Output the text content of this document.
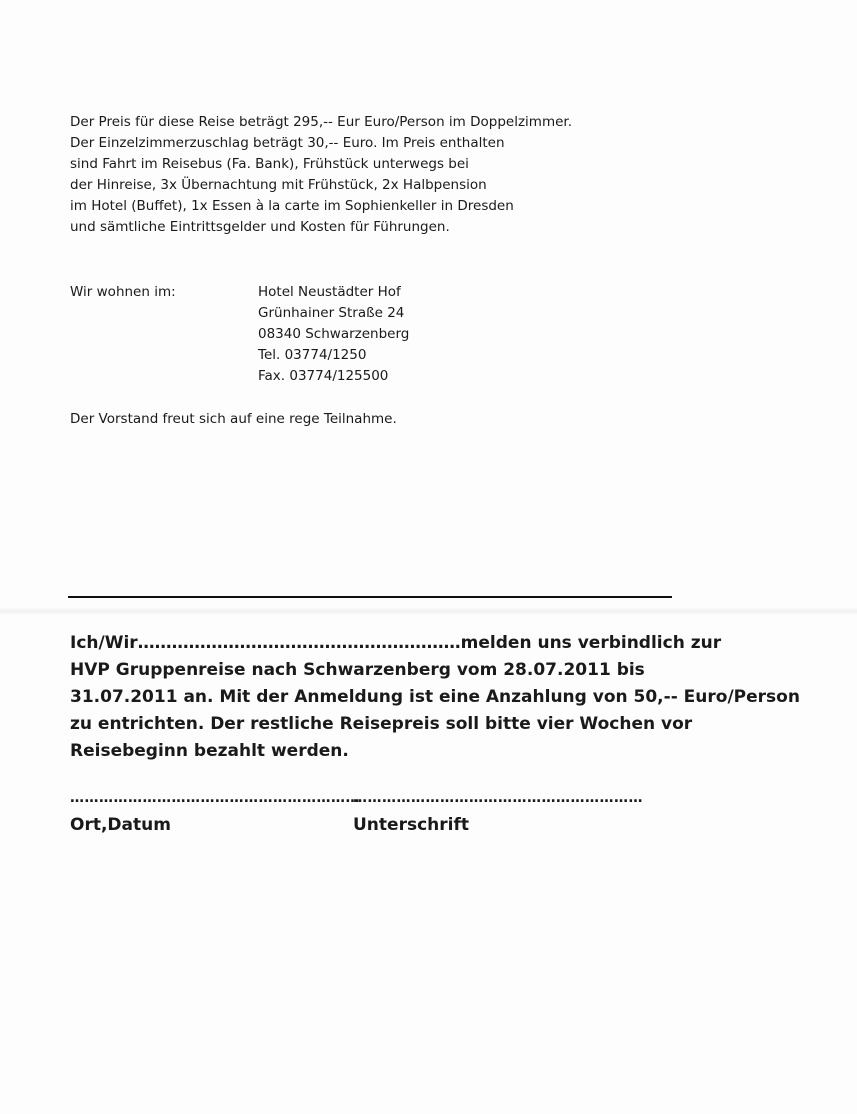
Der Preis für diese Reise beträgt 295,-- Eur Euro/Person im Doppelzimmer.

Der Einzelzimmerzuschlag beträgt 30,-- Euro. Im Preis enthalten

sind Fahrt im Reisebus (Fa. Bank), Frühstück unterwegs bei

der Hinreise, 3x Übernachtung mit Frühstück, 2x Halbpension

im Hotel (Buffet), 1x Essen à la carte im Sophienkeller in Dresden

und sämtliche Eintrittsgelder und Kosten für Führungen.

Wir wohnen im:	Hotel Neustädter Hof
Grünhainer Straße 24
08340 Schwarzenberg
Tel. 03774/1250
Fax. 03774/125500
Der Vorstand freut sich auf eine rege Teilnahme.
Ich/Wir…………………………………………………melden uns verbindlich zur
HVP Gruppenreise nach Schwarzenberg vom 28.07.2011 bis
31.07.2011 an. Mit der Anmeldung ist eine Anzahlung von 50,-- Euro/Person
zu entrichten. Der restliche Reisepreis soll bitte vier Wochen vor
Reisebeginn bezahlt werden.
……………………………………………………
……………………………………………………
Ort,Datum	Unterschrift
